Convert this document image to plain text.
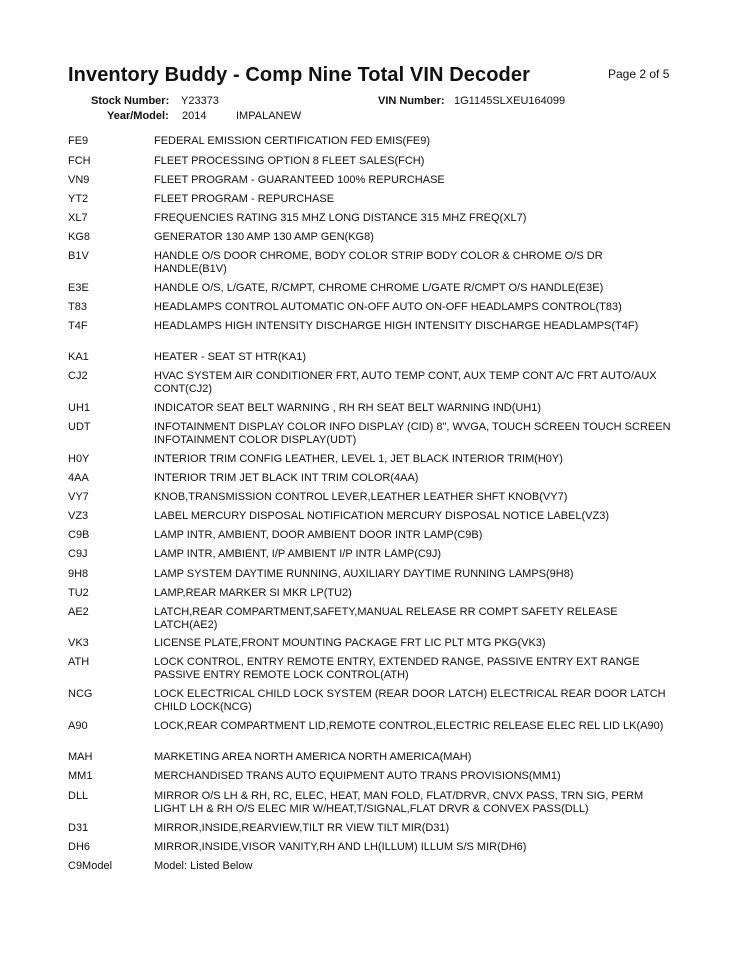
Inventory Buddy - Comp Nine Total VIN Decoder	Page 2 of 5
Stock Number: Y23373	VIN Number: 1G1145SLXEU164099
Year/Model: 2014	IMPALANEW
FE9	FEDERAL EMISSION CERTIFICATION FED EMIS(FE9)
FCH	FLEET PROCESSING OPTION 8 FLEET SALES(FCH)
VN9	FLEET PROGRAM - GUARANTEED 100% REPURCHASE
YT2	FLEET PROGRAM - REPURCHASE
XL7	FREQUENCIES RATING 315 MHZ LONG DISTANCE 315 MHZ FREQ(XL7)
KG8	GENERATOR 130 AMP 130 AMP GEN(KG8)
B1V	HANDLE O/S DOOR CHROME, BODY COLOR STRIP BODY COLOR & CHROME O/S DR HANDLE(B1V)
E3E	HANDLE O/S, L/GATE, R/CMPT, CHROME CHROME L/GATE R/CMPT O/S HANDLE(E3E)
T83	HEADLAMPS CONTROL AUTOMATIC ON-OFF AUTO ON-OFF HEADLAMPS CONTROL(T83)
T4F	HEADLAMPS HIGH INTENSITY DISCHARGE HIGH INTENSITY DISCHARGE HEADLAMPS(T4F)
KA1	HEATER - SEAT ST HTR(KA1)
CJ2	HVAC SYSTEM AIR CONDITIONER FRT, AUTO TEMP CONT, AUX TEMP CONT A/C FRT AUTO/AUX CONT(CJ2)
UH1	INDICATOR SEAT BELT WARNING , RH RH SEAT BELT WARNING IND(UH1)
UDT	INFOTAINMENT DISPLAY COLOR INFO DISPLAY (CID) 8", WVGA, TOUCH SCREEN TOUCH SCREEN INFOTAINMENT COLOR DISPLAY(UDT)
H0Y	INTERIOR TRIM CONFIG LEATHER, LEVEL 1, JET BLACK INTERIOR TRIM(H0Y)
4AA	INTERIOR TRIM JET BLACK INT TRIM COLOR(4AA)
VY7	KNOB,TRANSMISSION CONTROL LEVER,LEATHER LEATHER SHFT KNOB(VY7)
VZ3	LABEL MERCURY DISPOSAL NOTIFICATION MERCURY DISPOSAL NOTICE LABEL(VZ3)
C9B	LAMP INTR, AMBIENT, DOOR AMBIENT DOOR INTR LAMP(C9B)
C9J	LAMP INTR, AMBIENT, I/P AMBIENT I/P INTR LAMP(C9J)
9H8	LAMP SYSTEM DAYTIME RUNNING, AUXILIARY DAYTIME RUNNING LAMPS(9H8)
TU2	LAMP,REAR MARKER SI MKR LP(TU2)
AE2	LATCH,REAR COMPARTMENT,SAFETY,MANUAL RELEASE RR COMPT SAFETY RELEASE LATCH(AE2)
VK3	LICENSE PLATE,FRONT MOUNTING PACKAGE FRT LIC PLT MTG PKG(VK3)
ATH	LOCK CONTROL, ENTRY REMOTE ENTRY, EXTENDED RANGE, PASSIVE ENTRY EXT RANGE PASSIVE ENTRY REMOTE LOCK CONTROL(ATH)
NCG	LOCK ELECTRICAL CHILD LOCK SYSTEM (REAR DOOR LATCH) ELECTRICAL REAR DOOR LATCH CHILD LOCK(NCG)
A90	LOCK,REAR COMPARTMENT LID,REMOTE CONTROL,ELECTRIC RELEASE ELEC REL LID LK(A90)
MAH	MARKETING AREA NORTH AMERICA NORTH AMERICA(MAH)
MM1	MERCHANDISED TRANS AUTO EQUIPMENT AUTO TRANS PROVISIONS(MM1)
DLL	MIRROR O/S LH & RH, RC, ELEC, HEAT, MAN FOLD, FLAT/DRVR, CNVX PASS, TRN SIG, PERM LIGHT LH & RH O/S ELEC MIR W/HEAT,T/SIGNAL,FLAT DRVR & CONVEX PASS(DLL)
D31	MIRROR,INSIDE,REARVIEW,TILT RR VIEW TILT MIR(D31)
DH6	MIRROR,INSIDE,VISOR VANITY,RH AND LH(ILLUM) ILLUM S/S MIR(DH6)
C9Model	Model: Listed Below
